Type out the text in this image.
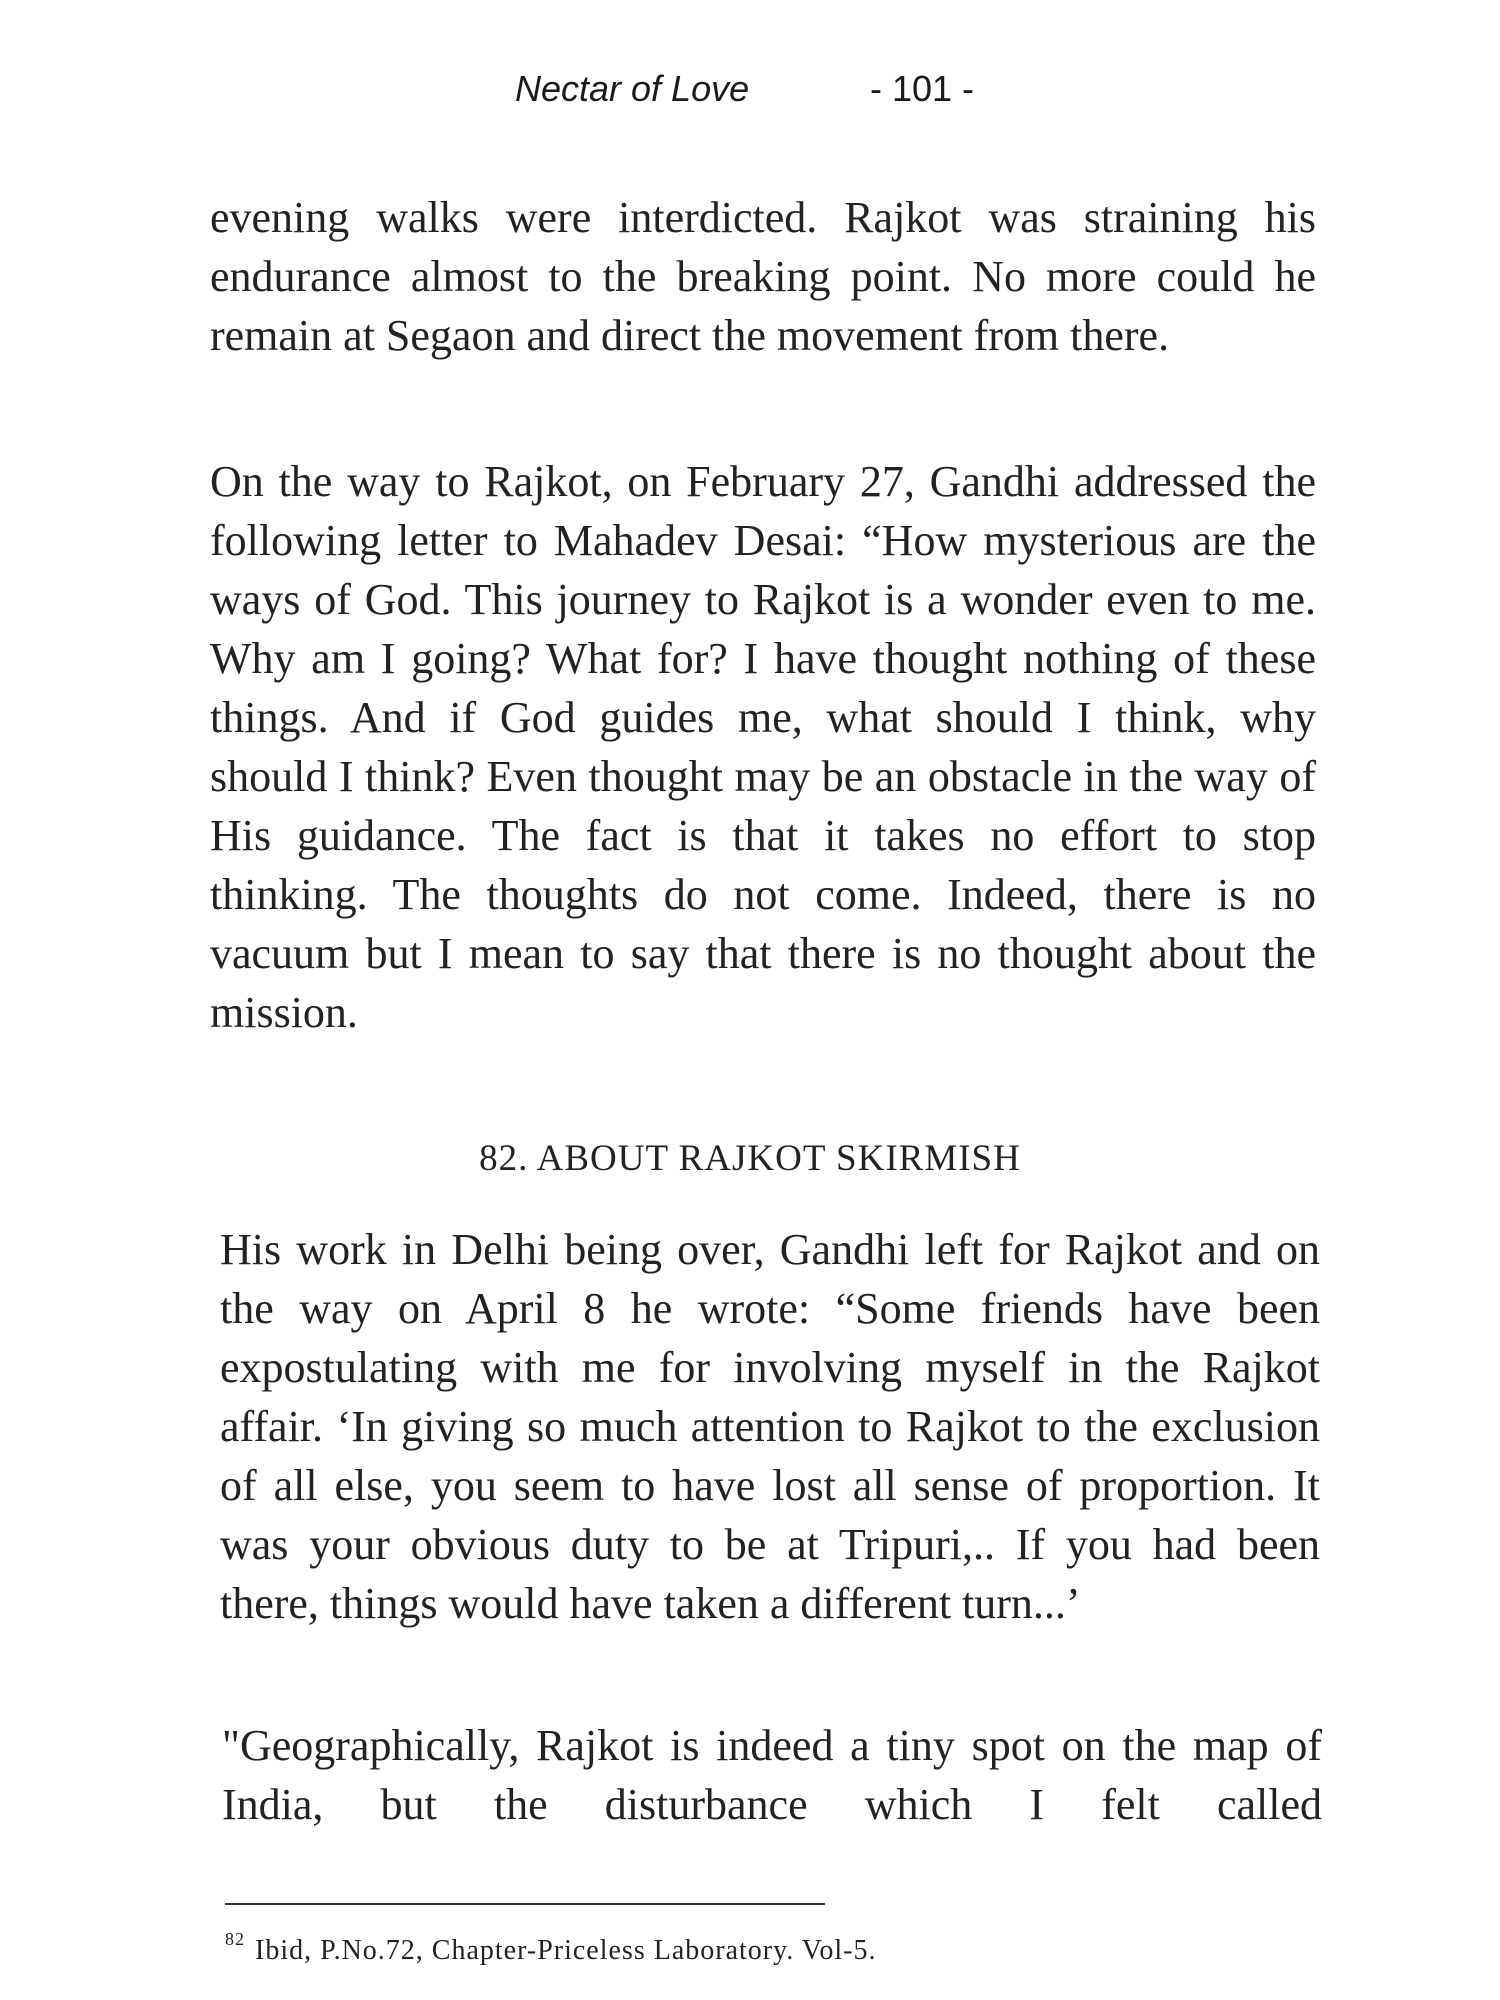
Nectar of Love	- 101 -

evening walks were interdicted. Rajkot was straining his endurance almost to the breaking point. No more could he remain at Segaon and direct the movement from there.

On the way to Rajkot, on February 27, Gandhi addressed the following letter to Mahadev Desai: “How mysterious are the ways of God. This journey to Rajkot is a wonder even to me. Why am I going? What for? I have thought nothing of these things. And if God guides me, what should I think, why should I think? Even thought may be an obstacle in the way of His guidance. The fact is that it takes no effort to stop thinking. The thoughts do not come. Indeed, there is no vacuum but I mean to say that there is no thought about the mission.

82. ABOUT RAJKOT SKIRMISH

His work in Delhi being over, Gandhi left for Rajkot and on the way on April 8 he wrote: “Some friends have been expostulating with me for involving myself in the Rajkot affair. ‘In giving so much attention to Rajkot to the exclusion of all else, you seem to have lost all sense of proportion. It was your obvious duty to be at Tripuri,.. If you had been there, things would have taken a different turn...’

"Geographically, Rajkot is indeed a tiny spot on the map of India, but the disturbance which I felt called

$^{82}$ Ibid, P.No.72, Chapter-Priceless Laboratory. Vol-5.
